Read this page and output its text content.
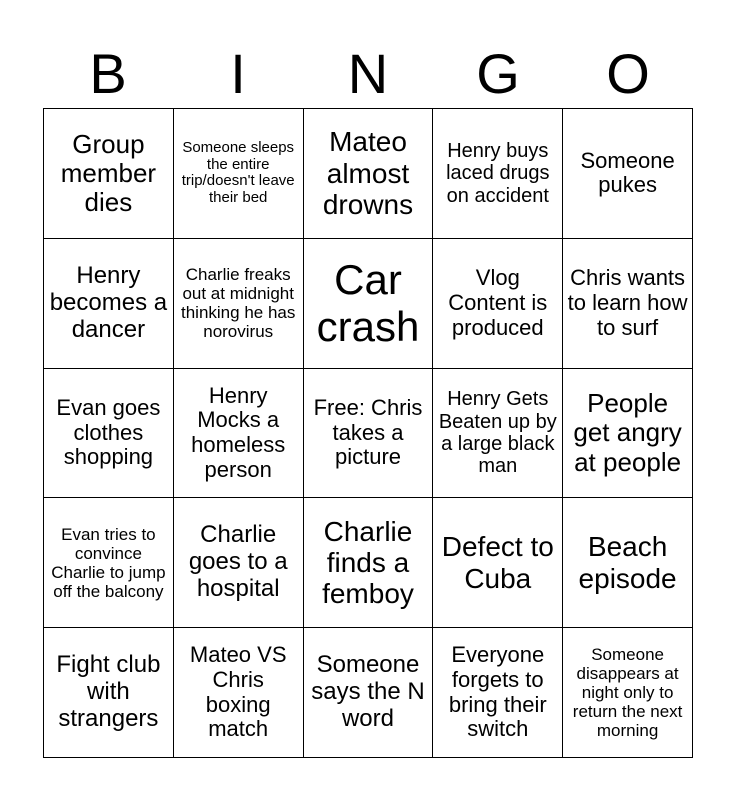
B	I	N	G	O
Group member dies
Someone sleeps the entire trip/doesn't leave their bed
Mateo almost drowns
Henry buys laced drugs on accident
Someone pukes
Henry becomes a dancer
Charlie freaks out at midnight thinking he has norovirus
Car crash
Vlog Content is produced
Chris wants to learn how to surf
Evan goes clothes shopping
Henry Mocks a homeless person
Free: Chris takes a picture
Henry Gets Beaten up by a large black man
People get angry at people
Evan tries to convince Charlie to jump off the balcony
Charlie goes to a hospital
Charlie finds a femboy
Defect to Cuba
Beach episode
Fight club with strangers
Mateo VS Chris boxing match
Someone says the N word
Everyone forgets to bring their switch
Someone disappears at night only to return the next morning
